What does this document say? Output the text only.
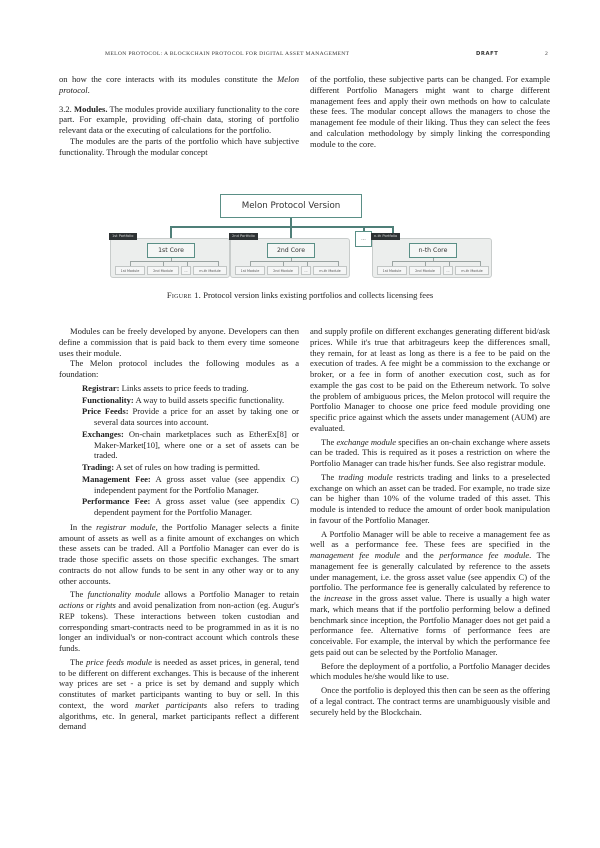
MELON PROTOCOL: A BLOCKCHAIN PROTOCOL FOR DIGITAL ASSET MANAGEMENT	DRAFT	2

on how the core interacts with its modules constitute the Melon protocol.

3.2. Modules. The modules provide auxiliary functionality to the core part. For example, providing off-chain data, storing of portfolio relevant data or the executing of calculations for the portfolio.

The modules are the parts of the portfolio which have subjective functionality. Through the modular concept

of the portfolio, these subjective parts can be changed. For example different Portfolio Managers might want to charge different management fees and apply their own methods on how to calculate these fees. The modular concept allows the managers to chose the management fee module of their liking. Thus they can select the fees and calculation methodology by simply linking the corresponding module to the core.

Melon Protocol Version
1st Portfolio
1st Core
1st Module	2nd Module	...	m-th Module
2nd Portfolio
2nd Core
1st Module	2nd Module	...	m-th Module
...	n-th Portfolio
n-th Core
1st Module	2nd Module	...	m-th Module
Figure 1. Protocol version links existing portfolios and collects licensing fees

Modules can be freely developed by anyone. Developers can then define a commission that is paid back to them every time someone uses their module.

The Melon protocol includes the following modules as a foundation:

Registrar: Links assets to price feeds to trading.

Functionality: A way to build assets specific functionality.

Price Feeds: Provide a price for an asset by taking one or several data sources into account.

Exchanges: On-chain marketplaces such as EtherEx[8] or Maker-Market[10], where one or a set of assets can be traded.

Trading: A set of rules on how trading is permitted.

Management Fee: A gross asset value (see appendix C) independent payment for the Portfolio Manager.

Performance Fee: A gross asset value (see appendix C) dependent payment for the Portfolio Manager.

In the registrar module, the Portfolio Manager selects a finite amount of assets as well as a finite amount of exchanges on which these assets can be traded. All a Portfolio Manager can ever do is trade those specific assets on those specific exchanges. The smart contracts do not allow funds to be sent in any other way or to any other accounts.

The functionality module allows a Portfolio Manager to retain actions or rights and avoid penalization from non-action (eg. Augur's REP tokens). These interactions between token custodian and corresponding smart-contracts need to be programmed in as it is no longer an individual's or non-contract account which controls these funds.

The price feeds module is needed as asset prices, in general, tend to be different on different exchanges. This is because of the inherent way prices are set - a price is set by demand and supply which constitutes of market participants wanting to buy or sell. In this context, the word market participants also refers to trading algorithms, etc. In general, market participants reflect a different demand

and supply profile on different exchanges generating different bid/ask prices. While it's true that arbitrageurs keep the differences small, they remain, for at least as long as there is a fee to be paid on the execution of trades. A fee might be a commission to the exchange or broker, or a fee in form of another execution cost, such as for example the gas cost to be paid on the Ethereum network. To solve the problem of ambiguous prices, the Melon protocol will require the Portfolio Manager to choose one price feed module providing one specific price against which the assets under management (AUM) are evaluated.

The exchange module specifies an on-chain exchange where assets can be traded. This is required as it poses a restriction on where the Portfolio Manager can trade his/her funds. See also registrar module.

The trading module restricts trading and links to a preselected exchange on which an asset can be traded. For example, no trade size can be higher than 10% of the volume traded of this asset. This module is intended to reduce the amount of order book manipulation in favour of the Portfolio Manager.

A Portfolio Manager will be able to receive a management fee as well as a performance fee. These fees are specified in the management fee module and the performance fee module. The management fee is generally calculated by reference to the assets under management, i.e. the gross asset value (see appendix C) of the portfolio. The performance fee is generally calculated by reference to the increase in the gross asset value. There is usually a high water mark, which means that if the portfolio performing below a defined benchmark since inception, the Portfolio Manager does not get paid a performance fee. Alternative forms of performance fees are conceivable. For example, the interval by which the performance fee gets paid out can be selected by the Portfolio Manager.

Before the deployment of a portfolio, a Portfolio Manager decides which modules he/she would like to use.

Once the portfolio is deployed this then can be seen as the offering of a legal contract. The contract terms are unambiguously visible and securely held by the Blockchain.
